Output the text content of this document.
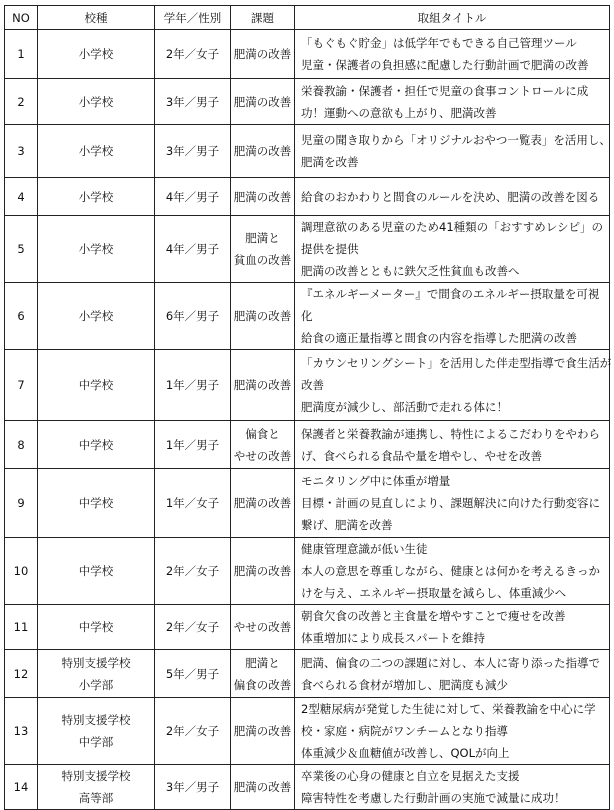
NO	校種	学年／性別	課題	取組タイトル
1	小学校	2年／女子	肥満の改善	「もぐもぐ貯金」は低学年でもできる自己管理ツール
児童・保護者の負担感に配慮した行動計画で肥満の改善

2	小学校	3年／男子	肥満の改善	栄養教諭・保護者・担任で児童の食事コントロールに成
功！運動への意欲も上がり、肥満改善

3	小学校	3年／男子	肥満の改善	児童の聞き取りから「オリジナルおやつ一覧表」を活用し、
肥満を改善

4	小学校	4年／男子	肥満の改善	給食のおかわりと間食のルールを決め、肥満の改善を図る

5	小学校	4年／男子	肥満と
貧血の改善	調理意欲のある児童のため41種類の「おすすめレシピ」の
提供を提供
肥満の改善とともに鉄欠乏性貧血も改善へ

6	小学校	6年／男子	肥満の改善	『エネルギーメーター』で間食のエネルギー摂取量を可視
化
給食の適正量指導と間食の内容を指導した肥満の改善

7	中学校	1年／男子	肥満の改善	「カウンセリングシート」を活用した伴走型指導で食生活が
改善
肥満度が減少し、部活動で走れる体に！

8	中学校	1年／男子	偏食と
やせの改善	保護者と栄養教諭が連携し、特性によるこだわりをやわら
げ、食べられる食品や量を増やし、やせを改善

9	中学校	1年／女子	肥満の改善	モニタリング中に体重が増量
目標・計画の見直しにより、課題解決に向けた行動変容に
繋げ、肥満を改善

10	中学校	2年／女子	肥満の改善	健康管理意識が低い生徒
本人の意思を尊重しながら、健康とは何かを考えるきっか
けを与え、エネルギー摂取量を減らし、体重減少へ

11	中学校	2年／女子	やせの改善	朝食欠食の改善と主食量を増やすことで痩せを改善
体重増加により成長スパートを維持

12	特別支援学校
小学部	5年／男子	肥満と
偏食の改善	肥満、偏食の二つの課題に対し、本人に寄り添った指導で
食べられる食材が増加し、肥満度も減少

13	特別支援学校
中学部	2年／女子	肥満の改善	2型糖尿病が発覚した生徒に対して、栄養教諭を中心に学
校・家庭・病院がワンチームとなり指導
体重減少＆血糖値が改善し、QOLが向上

14	特別支援学校
高等部	3年／男子	肥満の改善	卒業後の心身の健康と自立を見据えた支援
障害特性を考慮した行動計画の実施で減量に成功！
